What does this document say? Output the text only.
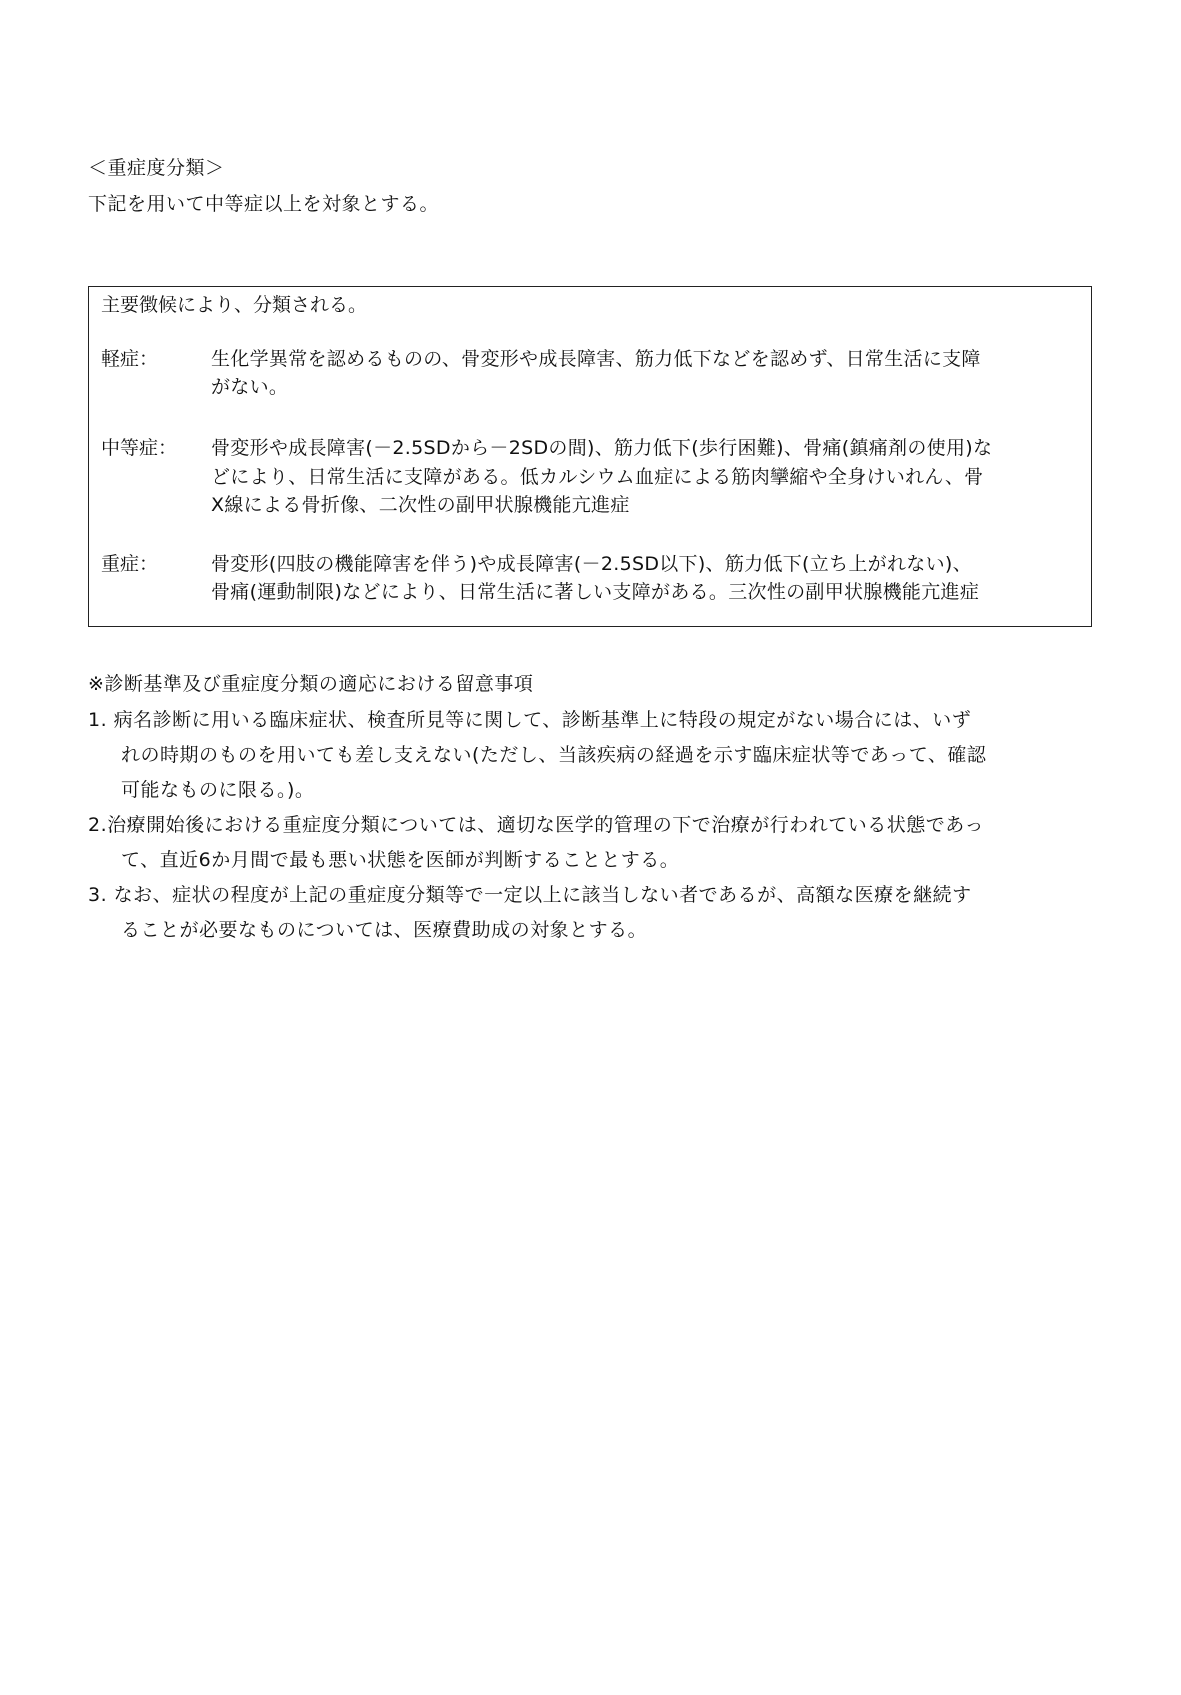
＜重症度分類＞
下記を用いて中等症以上を対象とする。
主要徴候により、分類される。
軽症：	生化学異常を認めるものの、骨変形や成長障害、筋力低下などを認めず、日常生活に支障
がない。
中等症： 骨変形や成長障害(－2.5SDから－2SDの間)、筋力低下(歩行困難)、骨痛(鎮痛剤の使用)な
どにより、日常生活に支障がある。低カルシウム血症による筋肉攣縮や全身けいれん、骨
X線による骨折像、二次性の副甲状腺機能亢進症
重症：	骨変形(四肢の機能障害を伴う)や成長障害(－2.5SD以下)、筋力低下(立ち上がれない)、
骨痛(運動制限)などにより、日常生活に著しい支障がある。三次性の副甲状腺機能亢進症
※診断基準及び重症度分類の適応における留意事項
1. 病名診断に用いる臨床症状、検査所見等に関して、診断基準上に特段の規定がない場合には、いず
れの時期のものを用いても差し支えない(ただし、当該疾病の経過を示す臨床症状等であって、確認
可能なものに限る。)。
2.治療開始後における重症度分類については、適切な医学的管理の下で治療が行われている状態であっ
て、直近6か月間で最も悪い状態を医師が判断することとする。
3. なお、症状の程度が上記の重症度分類等で一定以上に該当しない者であるが、高額な医療を継続す
ることが必要なものについては、医療費助成の対象とする。
